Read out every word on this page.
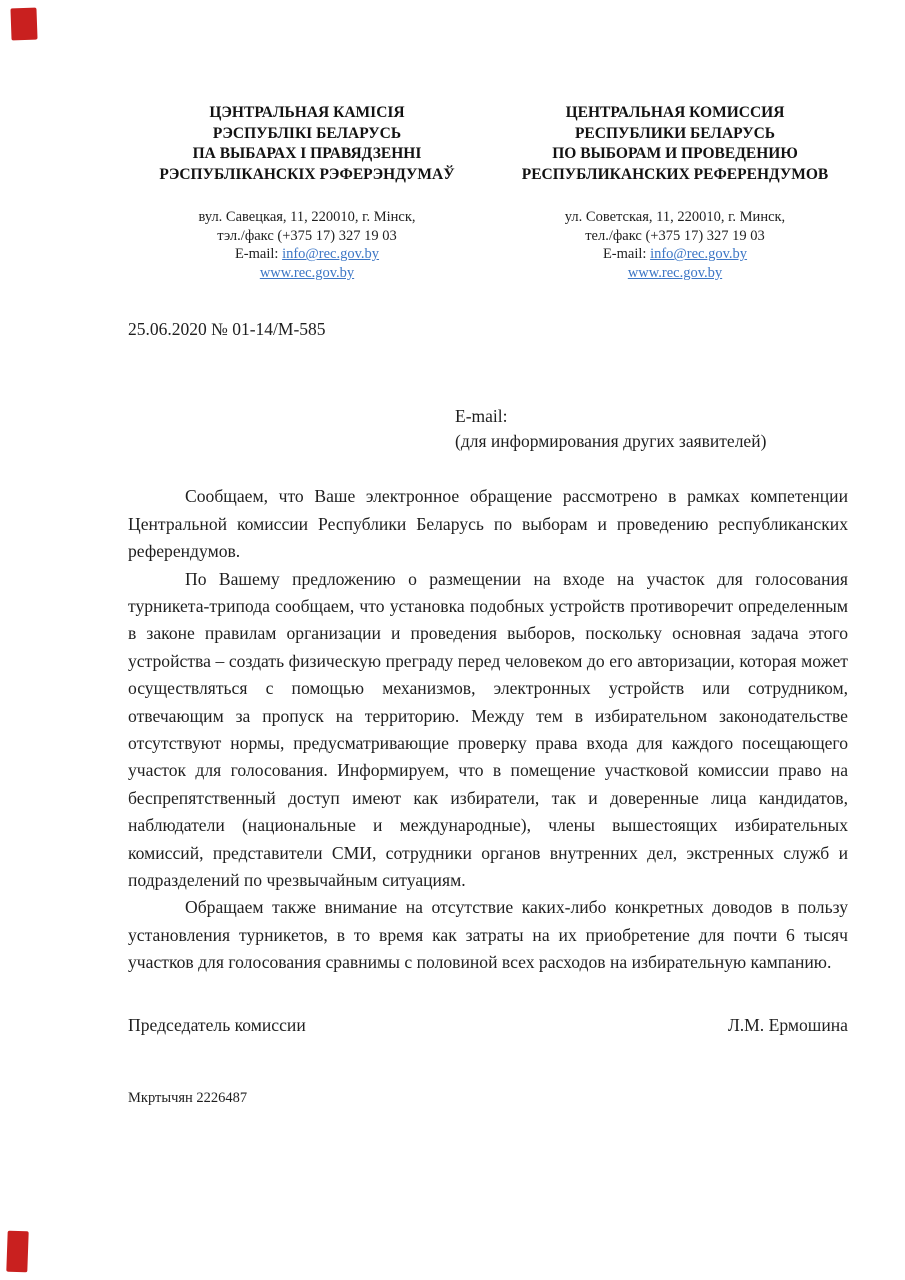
ЦЭНТРАЛЬНАЯ КАМІСІЯ
РЭСПУБЛІКІ БЕЛАРУСЬ
ПА ВЫБАРАХ І ПРАВЯДЗЕННІ
РЭСПУБЛІКАНСКІХ РЭФЕРЭНДУМАЎ
вул. Савецкая, 11, 220010, г. Мінск,
тэл./факс (+375 17) 327 19 03
E-mail: info@rec.gov.by
www.rec.gov.by
ЦЕНТРАЛЬНАЯ КОМИССИЯ
РЕСПУБЛИКИ БЕЛАРУСЬ
ПО ВЫБОРАМ И ПРОВЕДЕНИЮ
РЕСПУБЛИКАНСКИХ РЕФЕРЕНДУМОВ
ул. Советская, 11, 220010, г. Минск,
тел./факс (+375 17) 327 19 03
E-mail: info@rec.gov.by
www.rec.gov.by
25.06.2020 № 01-14/М-585
E-mail:
(для информирования других заявителей)

Сообщаем, что Ваше электронное обращение рассмотрено в рамках компетенции Центральной комиссии Республики Беларусь по выборам и проведению республиканских референдумов.

По Вашему предложению о размещении на входе на участок для голосования турникета-трипода сообщаем, что установка подобных устройств противоречит определенным в законе правилам организации и проведения выборов, поскольку основная задача этого устройства – создать физическую преграду перед человеком до его авторизации, которая может осуществляться с помощью механизмов, электронных устройств или сотрудником, отвечающим за пропуск на территорию. Между тем в избирательном законодательстве отсутствуют нормы, предусматривающие проверку права входа для каждого посещающего участок для голосования. Информируем, что в помещение участковой комиссии право на беспрепятственный доступ имеют как избиратели, так и доверенные лица кандидатов, наблюдатели (национальные и международные), члены вышестоящих избирательных комиссий, представители СМИ, сотрудники органов внутренних дел, экстренных служб и подразделений по чрезвычайным ситуациям.

Обращаем также внимание на отсутствие каких-либо конкретных доводов в пользу установления турникетов, в то время как затраты на их приобретение для почти 6 тысяч участков для голосования сравнимы с половиной всех расходов на избирательную кампанию.

Председатель комиссии	Л.М. Ермошина
Мкртычян 2226487
